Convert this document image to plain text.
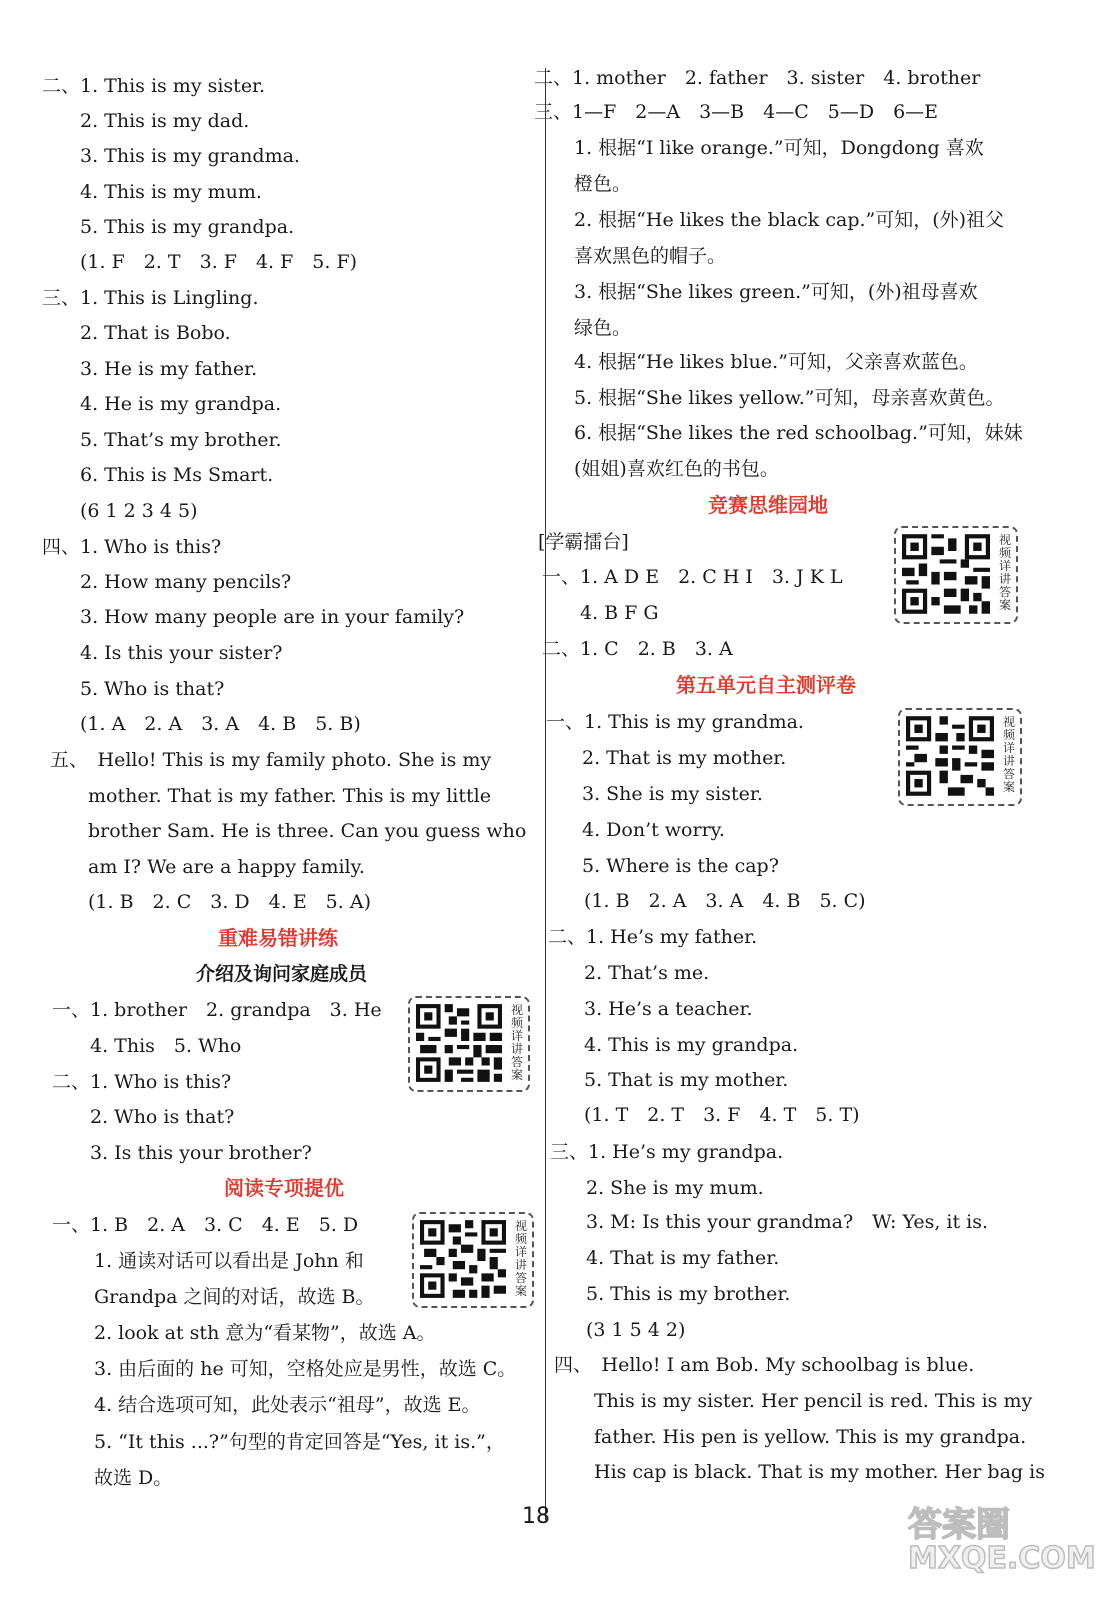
二、1. This is my sister.
2. This is my dad.
3. This is my grandma.
4. This is my mum.
5. This is my grandpa.
(1. F　2. T　3. F　4. F　5. F)
三、1. This is Lingling.
2. That is Bobo.
3. He is my father.
4. He is my grandpa.
5. That’s my brother.
6. This is Ms Smart.
(6 1 2 3 4 5)
四、1. Who is this?
2. How many pencils?
3. How many people are in your family?
4. Is this your sister?
5. Who is that?
(1. A　2. A　3. A　4. B　5. B)
五、　Hello! This is my family photo. She is my
mother. That is my father. This is my little
brother Sam. He is three. Can you guess who
am I? We are a happy family.
(1. B　2. C　3. D　4. E　5. A)
重难易错讲练
介绍及询问家庭成员
一、1. brother　2. grandpa　3. He
4. This　5. Who
二、1. Who is this?
2. Who is that?
3. Is this your brother?
阅读专项提优
一、1. B　2. A　3. C　4. E　5. D
1. 通读对话可以看出是 John 和
Grandpa 之间的对话，故选 B。
2. look at sth 意为“看某物”，故选 A。
3. 由后面的 he 可知，空格处应是男性，故选 C。
4. 结合选项可知，此处表示“祖母”，故选 E。
5. “It this ...?”句型的肯定回答是“Yes, it is.”，
故选 D。
视频详讲答案
视频详讲答案
二、1. mother　2. father　3. sister　4. brother
三、1—F　2—A　3—B　4—C　5—D　6—E
1. 根据“I like orange.”可知，Dongdong 喜欢
橙色。
2. 根据“He likes the black cap.”可知，(外)祖父
喜欢黑色的帽子。
3. 根据“She likes green.”可知，(外)祖母喜欢
绿色。
4. 根据“He likes blue.”可知，父亲喜欢蓝色。
5. 根据“She likes yellow.”可知，母亲喜欢黄色。
6. 根据“She likes the red schoolbag.”可知，妹妹
(姐姐)喜欢红色的书包。
竞赛思维园地
[学霸擂台]
一、1. A D E　2. C H I　3. J K L
4. B F G
二、1. C　2. B　3. A
第五单元自主测评卷
一、1. This is my grandma.
2. That is my mother.
3. She is my sister.
4. Don’t worry.
5. Where is the cap?
(1. B　2. A　3. A　4. B　5. C)
二、1. He’s my father.
2. That’s me.
3. He’s a teacher.
4. This is my grandpa.
5. That is my mother.
(1. T　2. T　3. F　4. T　5. T)
三、1. He’s my grandpa.
2. She is my mum.
3. M: Is this your grandma?　W: Yes, it is.
4. That is my father.
5. This is my brother.
(3 1 5 4 2)
四、　Hello! I am Bob. My schoolbag is blue.
This is my sister. Her pencil is red. This is my
father. His pen is yellow. This is my grandpa.
His cap is black. That is my mother. Her bag is
视频详讲答案
视频详讲答案
18	答案圈
MXQE.COM
